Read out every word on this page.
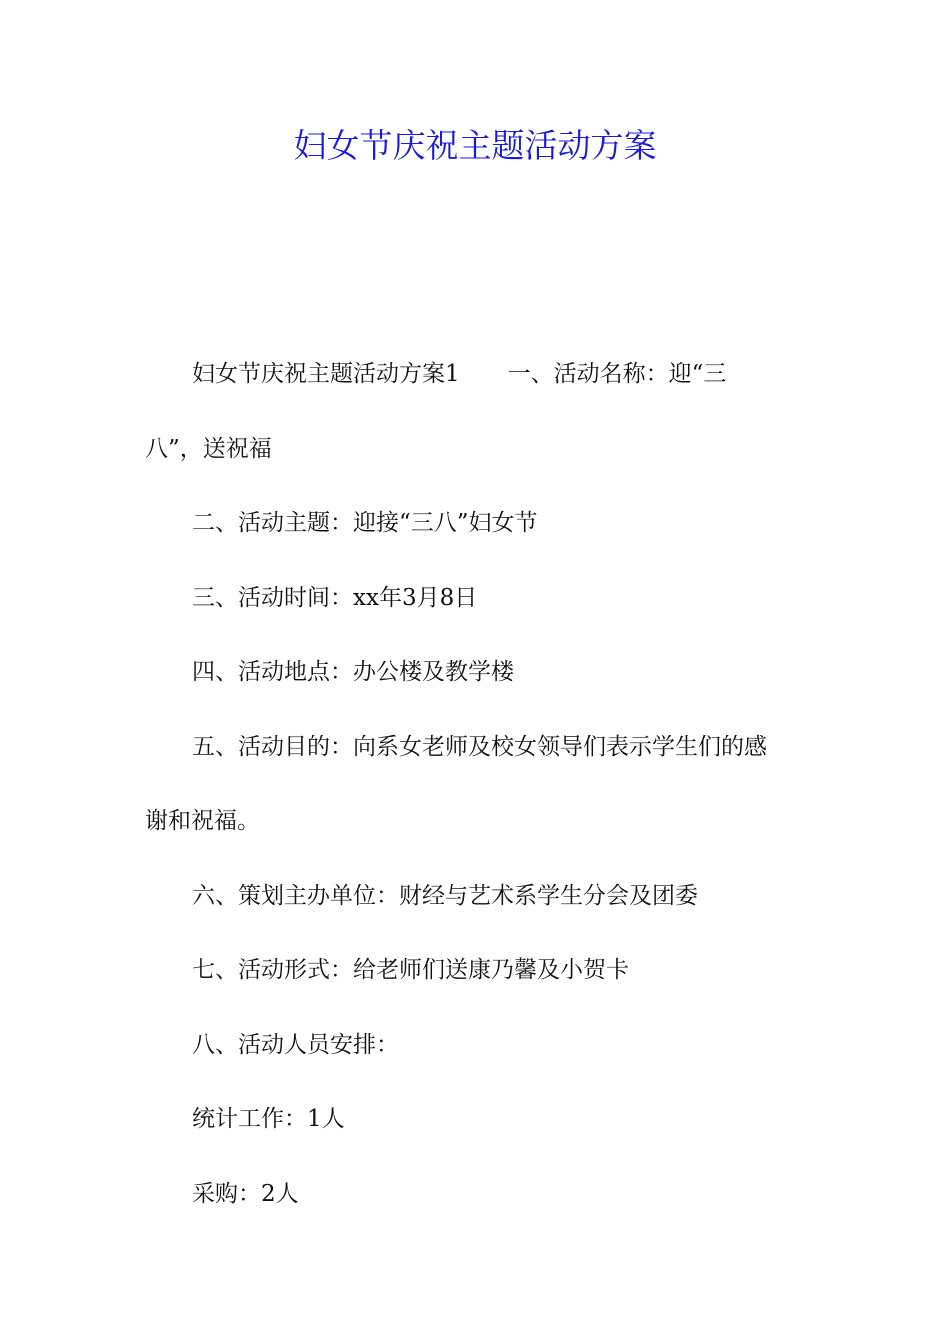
妇女节庆祝主题活动方案

妇女节庆祝主题活动方案1 一、活动名称：迎“三

八”，送祝福

二、活动主题：迎接“三八”妇女节

三、活动时间：xx年3月8日

四、活动地点：办公楼及教学楼

五、活动目的：向系女老师及校女领导们表示学生们的感

谢和祝福。

六、策划主办单位：财经与艺术系学生分会及团委

七、活动形式：给老师们送康乃馨及小贺卡

八、活动人员安排：

统计工作：1人

采购：2人
